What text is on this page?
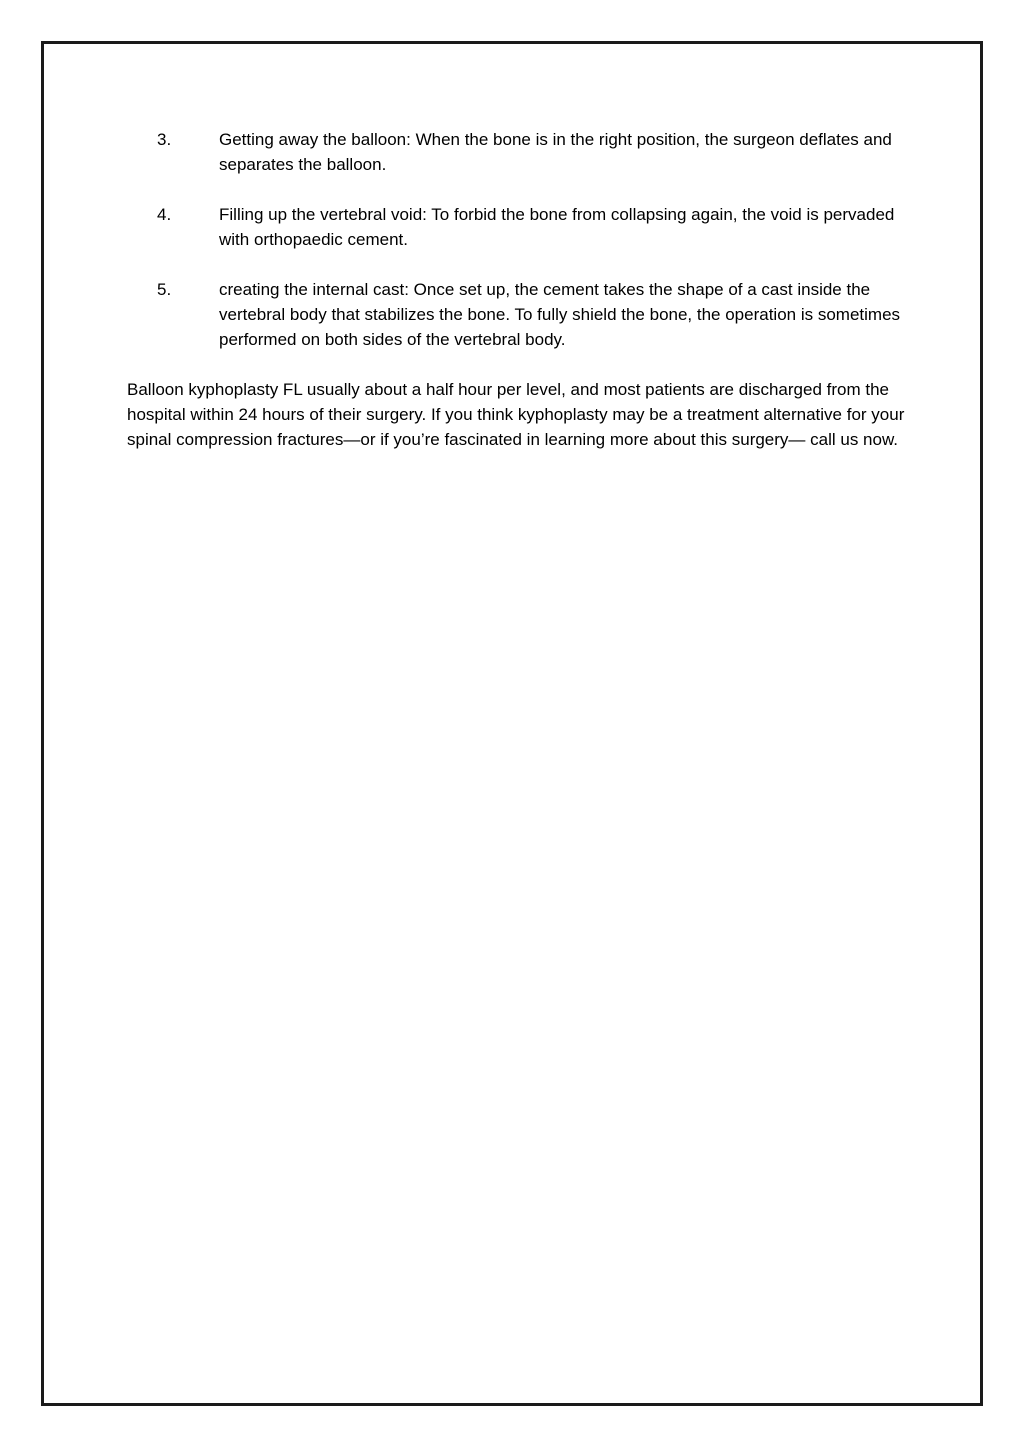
3.	Getting away the balloon: When the bone is in the right position, the surgeon deflates and separates the balloon.
4.	Filling up the vertebral void: To forbid the bone from collapsing again, the void is pervaded with orthopaedic cement.
5.	creating the internal cast: Once set up, the cement takes the shape of a cast inside the vertebral body that stabilizes the bone. To fully shield the bone, the operation is sometimes performed on both sides of the vertebral body.

Balloon kyphoplasty FL usually about a half hour per level, and most patients are discharged from the hospital within 24 hours of their surgery. If you think kyphoplasty may be a treatment alternative for your spinal compression fractures—or if you’re fascinated in learning more about this surgery— call us now.
